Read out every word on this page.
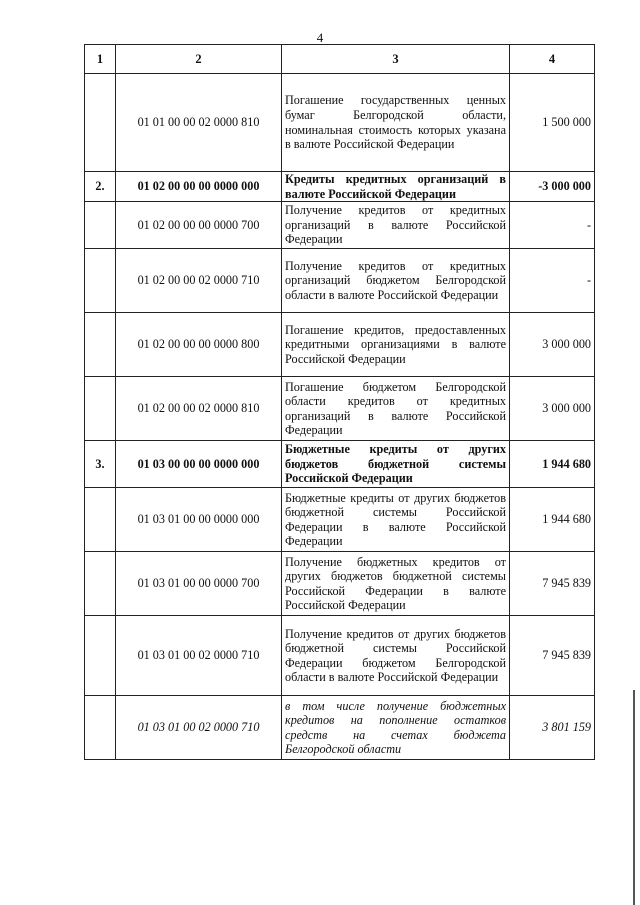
4
1	2	3	4
	01 01 00 00 02 0000 810	Погашение государственных ценных бумаг Белгородской области, номинальная стоимость которых указана в валюте Российской Федерации	1 500 000
2.	01 02 00 00 00 0000 000	Кредиты кредитных организаций в валюте Российской Федерации	-3 000 000
	01 02 00 00 00 0000 700	Получение кредитов от кредитных организаций в валюте Российской Федерации	-
	01 02 00 00 02 0000 710	Получение кредитов от кредитных организаций бюджетом Белгородской области в валюте Российской Федерации	-
	01 02 00 00 00 0000 800	Погашение кредитов, предоставленных кредитными организациями в валюте Российской Федерации	3 000 000
	01 02 00 00 02 0000 810	Погашение бюджетом Белгородской области кредитов от кредитных организаций в валюте Российской Федерации	3 000 000
3.	01 03 00 00 00 0000 000	Бюджетные кредиты от других бюджетов бюджетной системы Российской Федерации	1 944 680
	01 03 01 00 00 0000 000	Бюджетные кредиты от других бюджетов бюджетной системы Российской Федерации в валюте Российской Федерации	1 944 680
	01 03 01 00 00 0000 700	Получение бюджетных кредитов от других бюджетов бюджетной системы Российской Федерации в валюте Российской Федерации	7 945 839
	01 03 01 00 02 0000 710	Получение кредитов от других бюджетов бюджетной системы Российской Федерации бюджетом Белгородской области в валюте Российской Федерации	7 945 839
	01 03 01 00 02 0000 710	в том числе получение бюджетных кредитов на пополнение остатков средств на счетах бюджета Белгородской области	3 801 159
